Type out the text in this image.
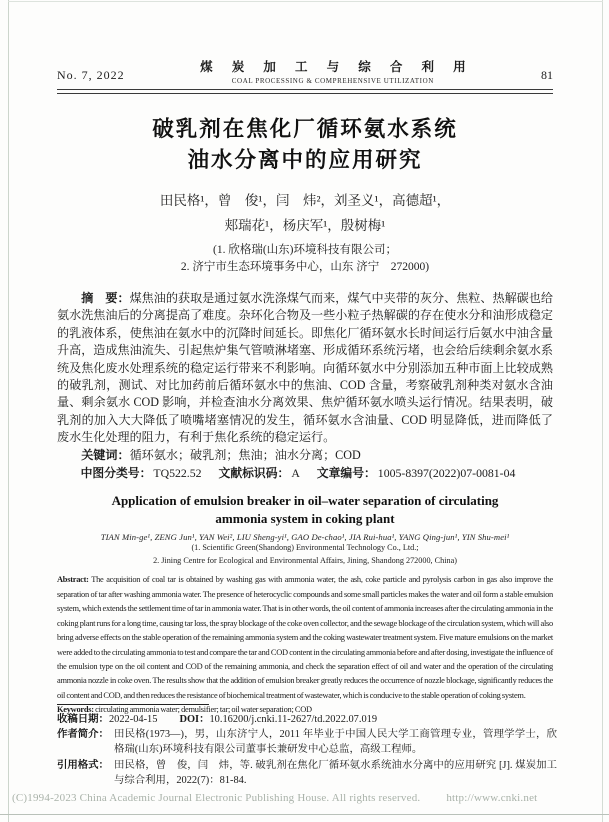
No. 7, 2022
煤 炭 加 工 与 综 合 利 用
COAL PROCESSING & COMPREHENSIVE UTILIZATION	81
破乳剂在焦化厂循环氨水系统
油水分离中的应用研究
田民格¹，曾　俊¹，闫　炜²，刘圣义¹，高德超¹，
郏瑞花¹，杨庆军¹，殷树梅¹
(1. 欣格瑞(山东)环境科技有限公司；
2. 济宁市生态环境事务中心，山东 济宁　272000)

摘　要：煤焦油的获取是通过氨水洗涤煤气而来，煤气中夹带的灰分、焦粒、热解碳也给氨水洗焦油后的分离提高了难度。杂环化合物及一些小粒子热解碳的存在使水分和油形成稳定的乳液体系，使焦油在氨水中的沉降时间延长。即焦化厂循环氨水长时间运行后氨水中油含量升高，造成焦油流失、引起焦炉集气管喷淋堵塞、形成循环系统污堵，也会给后续剩余氨水系统及焦化废水处理系统的稳定运行带来不利影响。向循环氨水中分别添加五种市面上比较成熟的破乳剂，测试、对比加药前后循环氨水中的焦油、COD 含量，考察破乳剂种类对氨水含油量、剩余氨水 COD 影响，并检查油水分离效果、焦炉循环氨水喷头运行情况。结果表明，破乳剂的加入大大降低了喷嘴堵塞情况的发生，循环氨水含油量、COD 明显降低，进而降低了废水生化处理的阻力，有利于焦化系统的稳定运行。

关键词：循环氨水；破乳剂；焦油；油水分离；COD

中图分类号： TQ522.52 文献标识码： A 文章编号： 1005-8397(2022)07-0081-04
Application of emulsion breaker in oil–water separation of circulating
ammonia system in coking plant
TIAN Min-ge¹, ZENG Jun¹, YAN Wei², LIU Sheng-yi¹, GAO De-chao¹, JIA Rui-hua¹, YANG Qing-jun¹, YIN Shu-mei¹
(1. Scientific Green(Shandong) Environmental Technology Co., Ltd.;
2. Jining Centre for Ecological and Environmental Affairs, Jining, Shandong 272000, China)

Abstract: The acquisition of coal tar is obtained by washing gas with ammonia water, the ash, coke particle and pyrolysis carbon in gas also improve the separation of tar after washing ammonia water. The presence of heterocyclic compounds and some small particles makes the water and oil form a stable emulsion system, which extends the settlement time of tar in ammonia water. That is in other words, the oil content of ammonia increases after the circulating ammonia in the coking plant runs for a long time, causing tar loss, the spray blockage of the coke oven collector, and the sewage blockage of the circulation system, which will also bring adverse effects on the stable operation of the remaining ammonia system and the coking wastewater treatment system. Five mature emulsions on the market were added to the circulating ammonia to test and compare the tar and COD content in the circulating ammonia before and after dosing, investigate the influence of the emulsion type on the oil content and COD of the remaining ammonia, and check the separation effect of oil and water and the operation of the circulating ammonia nozzle in coke oven. The results show that the addition of emulsion breaker greatly reduces the occurrence of nozzle blockage, significantly reduces the oil content and COD, and then reduces the resistance of biochemical treatment of wastewater, which is conducive to the stable operation of coking system.

Keywords: circulating ammonia water; demulsifier; tar; oil water separation; COD

收稿日期：2022-04-15 DOI：10.16200/j.cnki.11-2627/td.2022.07.019
作者简介： 田民格(1973—)，男，山东济宁人，2011 年毕业于中国人民大学工商管理专业，管理学学士，欣格瑞(山东)环境科技有限公司董事长兼研发中心总监，高级工程师。
引用格式： 田民格，曾　俊，闫　炜，等. 破乳剂在焦化厂循环氨水系统油水分离中的应用研究 [J]. 煤炭加工与综合利用，2022(7)：81-84.
(C)1994-2023 China Academic Journal Electronic Publishing House. All rights reserved. http://www.cnki.net
